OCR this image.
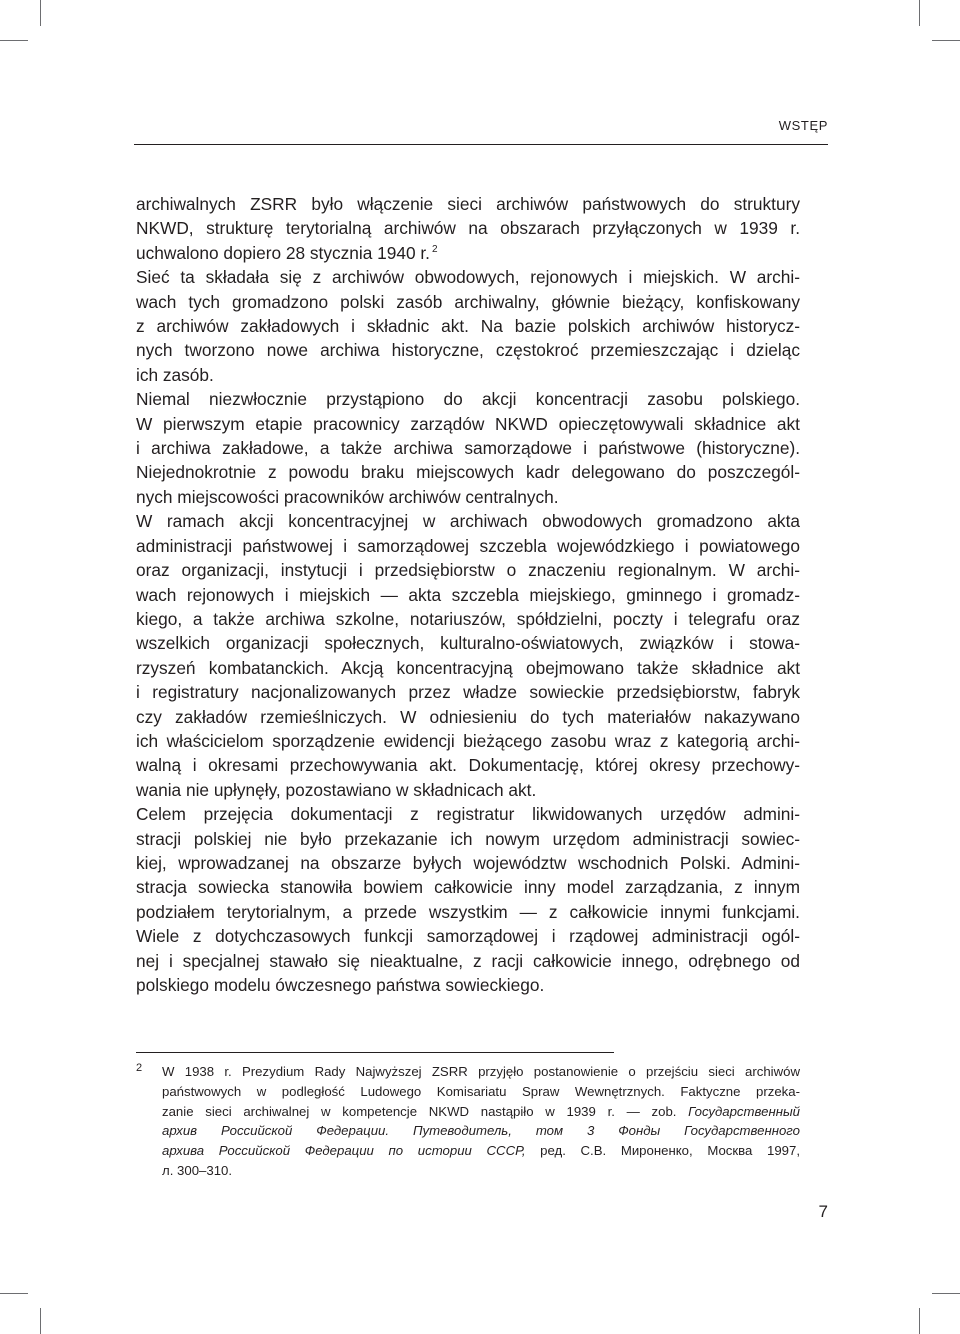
WSTĘP
archiwalnych ZSRR było włączenie sieci archiwów państwowych do struktury
NKWD, strukturę terytorialną archiwów na obszarach przyłączonych w 1939 r.
uchwalono dopiero 28 stycznia 1940 r. $^2$
Sieć ta składała się z archiwów obwodowych, rejonowych i miejskich. W archi-
wach tych gromadzono polski zasób archiwalny, głównie bieżący, konfiskowany
z archiwów zakładowych i składnic akt. Na bazie polskich archiwów historycz-
nych tworzono nowe archiwa historyczne, częstokroć przemieszczając i dzieląc
ich zasób.
Niemal niezwłocznie przystąpiono do akcji koncentracji zasobu polskiego.
W pierwszym etapie pracownicy zarządów NKWD opieczętowywali składnice akt
i archiwa zakładowe, a także archiwa samorządowe i państwowe (historyczne).
Niejednokrotnie z powodu braku miejscowych kadr delegowano do poszczegól-
nych miejscowości pracowników archiwów centralnych.
W ramach akcji koncentracyjnej w archiwach obwodowych gromadzono akta
administracji państwowej i samorządowej szczebla wojewódzkiego i powiatowego
oraz organizacji, instytucji i przedsiębiorstw o znaczeniu regionalnym. W archi-
wach rejonowych i miejskich — akta szczebla miejskiego, gminnego i gromadz-
kiego, a także archiwa szkolne, notariuszów, spółdzielni, poczty i telegrafu oraz
wszelkich organizacji społecznych, kulturalno-oświatowych, związków i stowa-
rzyszeń kombatanckich. Akcją koncentracyjną obejmowano także składnice akt
i registratury nacjonalizowanych przez władze sowieckie przedsiębiorstw, fabryk
czy zakładów rzemieślniczych. W odniesieniu do tych materiałów nakazywano
ich właścicielom sporządzenie ewidencji bieżącego zasobu wraz z kategorią archi-
walną i okresami przechowywania akt. Dokumentację, której okresy przechowy-
wania nie upłynęły, pozostawiano w składnicach akt.
Celem przejęcia dokumentacji z registratur likwidowanych urzędów admini-
stracji polskiej nie było przekazanie ich nowym urzędom administracji sowiec-
kiej, wprowadzanej na obszarze byłych województw wschodnich Polski. Admini-
stracja sowiecka stanowiła bowiem całkowicie inny model zarządzania, z innym
podziałem terytorialnym, a przede wszystkim — z całkowicie innymi funkcjami.
Wiele z dotychczasowych funkcji samorządowej i rządowej administracji ogól-
nej i specjalnej stawało się nieaktualne, z racji całkowicie innego, odrębnego od
polskiego modelu ówczesnego państwa sowieckiego.
2 W 1938 r. Prezydium Rady Najwyższej ZSRR przyjęło postanowienie o przejściu sieci archiwów
państwowych w podległość Ludowego Komisariatu Spraw Wewnętrznych. Faktyczne przeka-
zanie sieci archiwalnej w kompetencje NKWD nastąpiło w 1939 r. — zob. Государственный
архив Российской Федерации. Путеводитель, том 3 Фонды Государственного
архива Российской Федерации по истории СССР, ред. С.В. Мироненко, Москва 1997,
л. 300–310.
7
